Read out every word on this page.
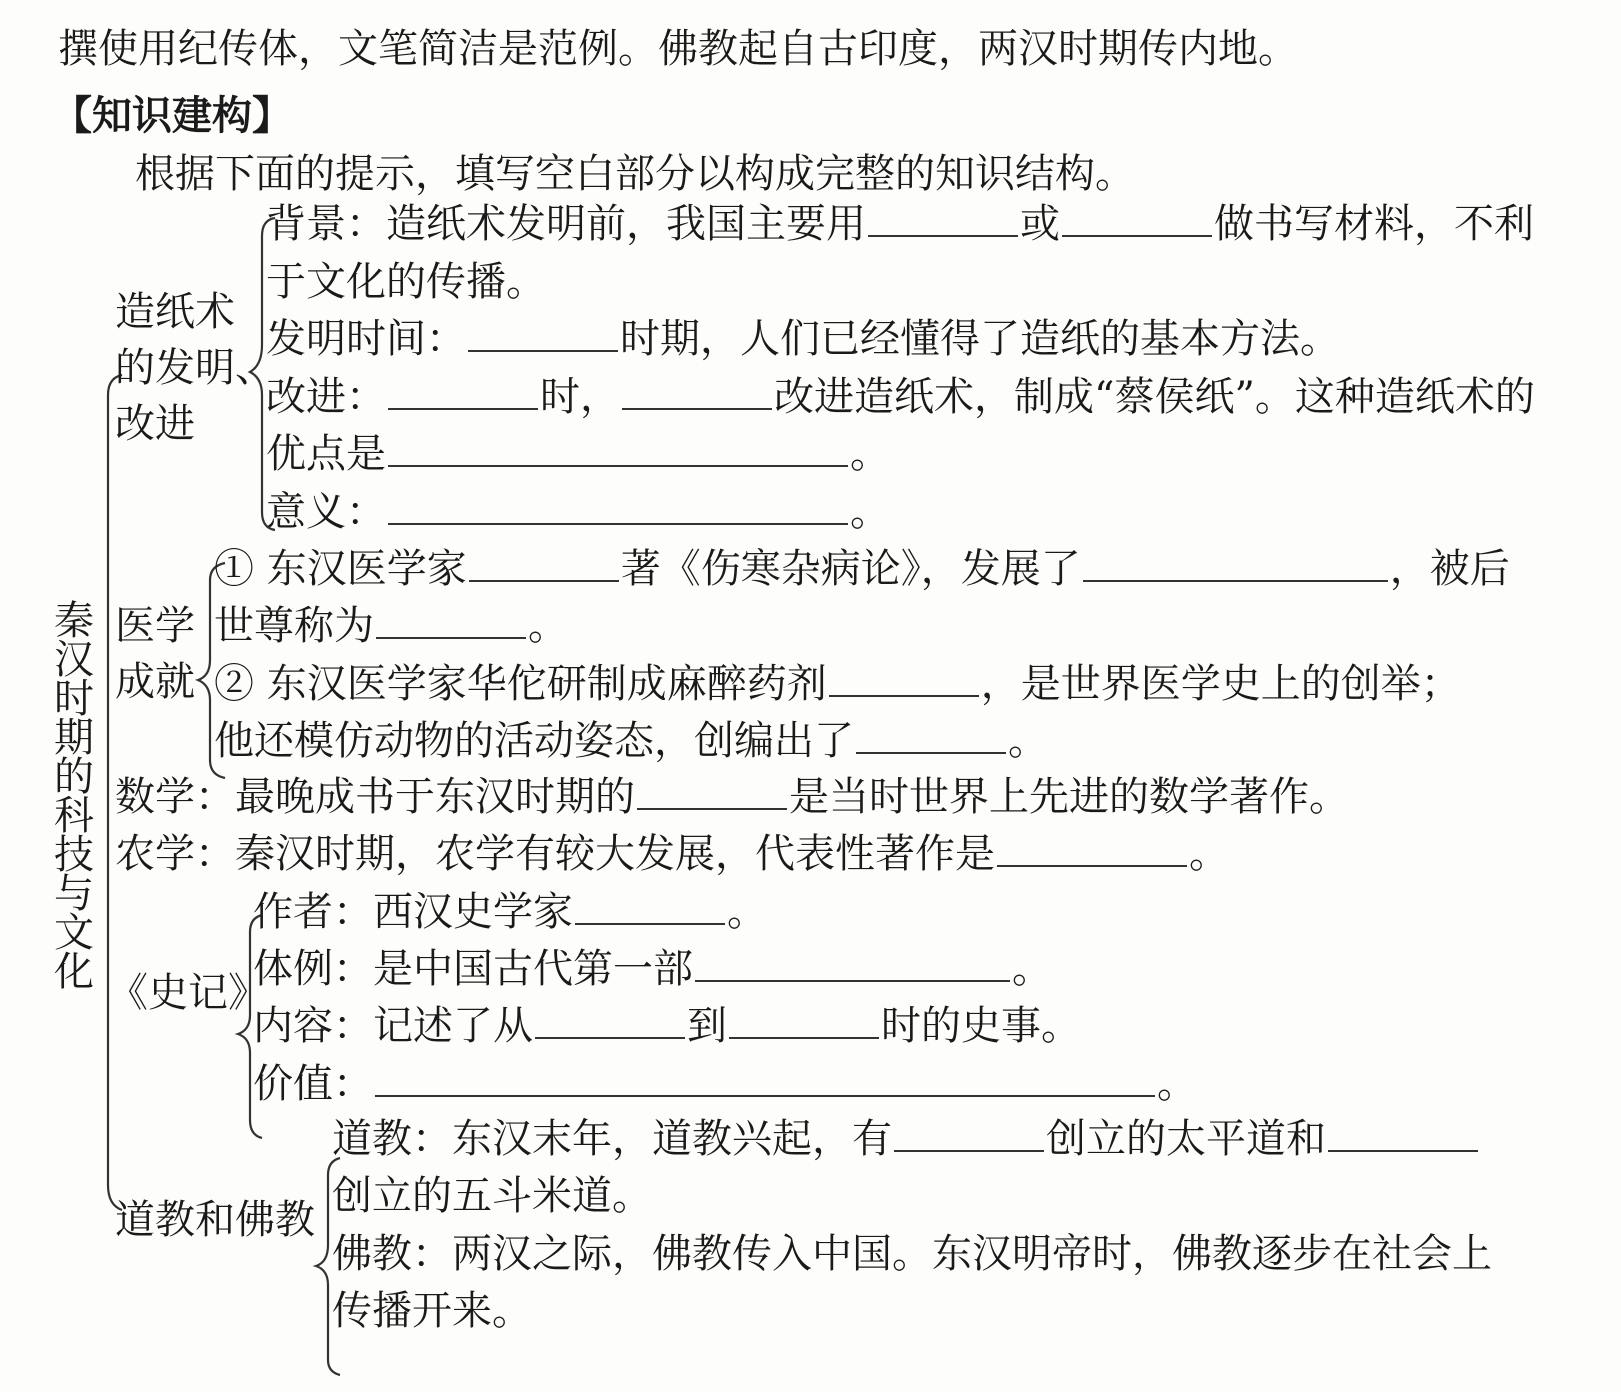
撰使用纪传体，文笔简洁是范例。佛教起自古印度，两汉时期传内地。
【知识建构】
根据下面的提示，填写空白部分以构成完整的知识结构。
秦
汉
时
期
的
科
技
与
文
化
造纸术
的发明、
改进
背景：造纸术发明前，我国主要用	或	做书写材料，不利
于文化的传播。
发明时间：	时期，人们已经懂得了造纸的基本方法。
改进：	时，	改进造纸术，制成“蔡侯纸”。这种造纸术的
优点是	。
意义：	。
医学
成就
① 东汉医学家	著《伤寒杂病论》，发展了	，被后
世尊称为	。
② 东汉医学家华佗研制成麻醉药剂	，是世界医学史上的创举；
他还模仿动物的活动姿态，创编出了	。
数学：最晚成书于东汉时期的	是当时世界上先进的数学著作。
农学：秦汉时期，农学有较大发展，代表性著作是	。
《史记》
作者：西汉史学家	。
体例：是中国古代第一部	。
内容：记述了从	到	时的史事。
价值：	。
道教和佛教
道教：东汉末年，道教兴起，有	创立的太平道和
创立的五斗米道。
佛教：两汉之际，佛教传入中国。东汉明帝时，佛教逐步在社会上
传播开来。
